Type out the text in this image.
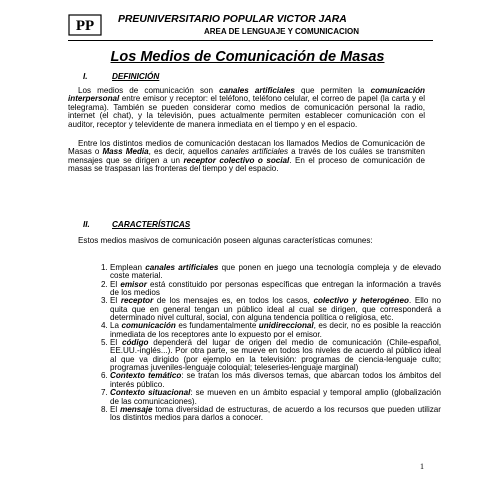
PP PREUNIVERSITARIO POPULAR VICTOR JARA
AREA DE LENGUAJE Y COMUNICACION
Los Medios de Comunicación de Masas
I.	DEFINICIÓN
Los medios de comunicación son canales artificiales que permiten la comunicación interpersonal entre emisor y receptor: el teléfono, teléfono celular, el correo de papel (la carta y el telegrama). También se pueden considerar como medios de comunicación personal la radio, internet (el chat), y la televisión, pues actualmente permiten establecer comunicación con el auditor, receptor y televidente de manera inmediata en el tiempo y en el espacio.
Entre los distintos medios de comunicación destacan los llamados Medios de Comunicación de Masas o Mass Media, es decir, aquellos canales artificiales a través de los cuáles se transmiten mensajes que se dirigen a un receptor colectivo o social. En el proceso de comunicación de masas se traspasan las fronteras del tiempo y del espacio.
II.	CARACTERÍSTICAS
Estos medios masivos de comunicación poseen algunas características comunes:
1. Emplean canales artificiales que ponen en juego una tecnología compleja y de elevado coste material.
2. El emisor está constituido por personas específicas que entregan la información a través de los medios
3. El receptor de los mensajes es, en todos los casos, colectivo y heterogéneo. Ello no quita que en general tengan un público ideal al cual se dirigen, que corresponderá a determinado nivel cultural, social, con alguna tendencia política o religiosa, etc.
4. La comunicación es fundamentalmente unidireccional, es decir, no es posible la reacción inmediata de los receptores ante lo expuesto por el emisor.
5. El código dependerá del lugar de origen del medio de comunicación (Chile-español, EE.UU.-inglés...). Por otra parte, se mueve en todos los niveles de acuerdo al público ideal al que va dirigido (por ejemplo en la televisión: programas de ciencia-lenguaje culto; programas juveniles-lenguaje coloquial; teleseries-lenguaje marginal)
6. Contexto temático: se tratan los más diversos temas, que abarcan todos los ámbitos del interés público.
7. Contexto situacional: se mueven en un ámbito espacial y temporal amplio (globalización de las comunicaciones).
8. El mensaje toma diversidad de estructuras, de acuerdo a los recursos que pueden utilizar los distintos medios para darlos a conocer.
1
